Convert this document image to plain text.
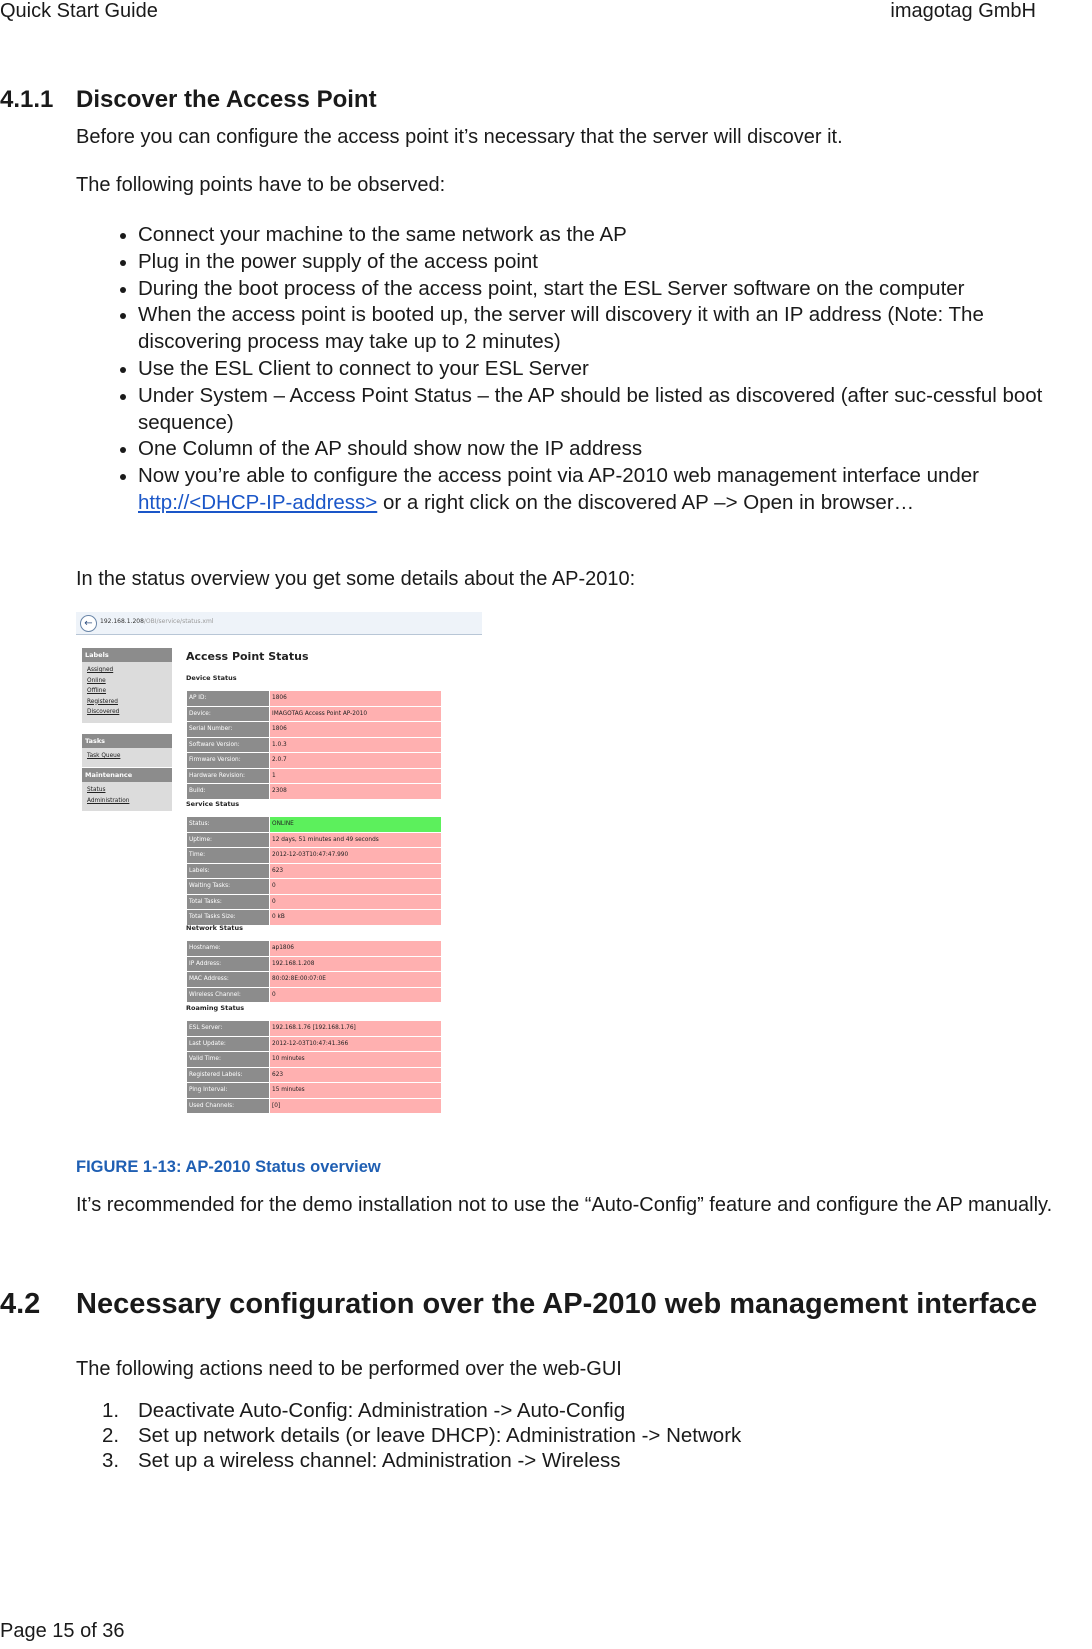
Quick Start Guide	imagotag GmbH
4.1.1 Discover the Access Point
Before you can configure the access point it’s necessary that the server will discover it.
The following points have to be observed:
Connect your machine to the same network as the AP
Plug in the power supply of the access point
During the boot process of the access point, start the ESL Server software on the computer
When the access point is booted up, the server will discovery it with an IP address (Note: The discovering process may take up to 2 minutes)
Use the ESL Client to connect to your ESL Server
Under System – Access Point Status – the AP should be listed as discovered (after suc-cessful boot sequence)
One Column of the AP should show now the IP address
Now you’re able to configure the access point via AP-2010 web management interface under http://<DHCP-IP-address> or a right click on the discovered AP –> Open in browser…
In the status overview you get some details about the AP-2010:
←	192.168.1.208/OBI/service/status.xml
Labels
Assigned
Online
Offline
Registered
Discovered
Tasks
Task Queue
Maintenance
Status
Administration
Access Point Status
Device Status
AP ID:	1806
Device:	IMAGOTAG Access Point AP-2010
Serial Number:	1806
Software Version:	1.0.3
Firmware Version:	2.0.7
Hardware Revision:	1
Build:	2308
Service Status
Status:	ONLINE
Uptime:	12 days, 51 minutes and 49 seconds
Time:	2012-12-03T10:47:47.990
Labels:	623
Waiting Tasks:	0
Total Tasks:	0
Total Tasks Size:	0 kB
Network Status
Hostname:	ap1806
IP Address:	192.168.1.208
MAC Address:	80:02:8E:00:07:0E
Wireless Channel:	0
Roaming Status
ESL Server:	192.168.1.76 [192.168.1.76]
Last Update:	2012-12-03T10:47:41.366
Valid Time:	10 minutes
Registered Labels:	623
Ping Interval:	15 minutes
Used Channels:	[0]
FIGURE 1-13: AP-2010 Status overview
It’s recommended for the demo installation not to use the “Auto-Config” feature and configure the AP manually.
4.2 Necessary configuration over the AP-2010 web management interface
The following actions need to be performed over the web-GUI
1. Deactivate Auto-Config: Administration -> Auto-Config
2. Set up network details (or leave DHCP): Administration -> Network
3. Set up a wireless channel: Administration -> Wireless
Page 15 of 36
